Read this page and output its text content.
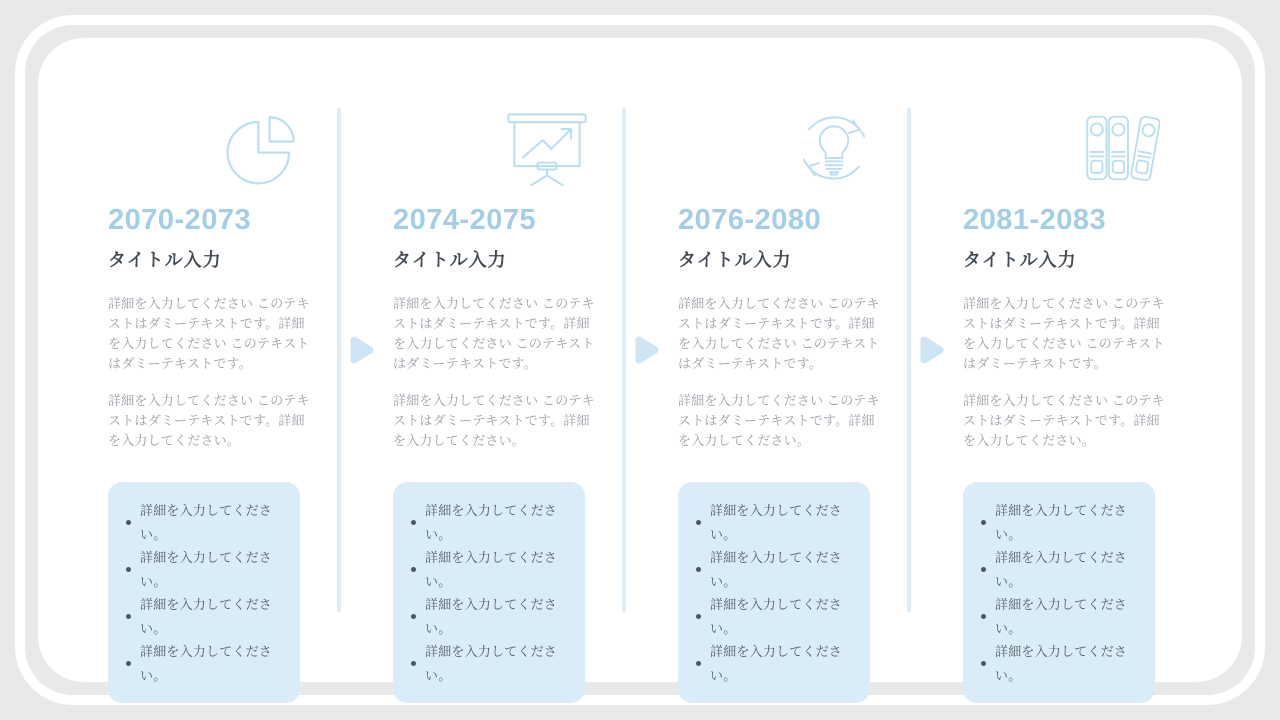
2070-2073
タイトル入力
詳細を入力してください このテキストはダミーテキストです。詳細を入力してください このテキストはダミーテキストです。
詳細を入力してください このテキストはダミーテキストです。詳細を入力してください。
詳細を入力してください。
詳細を入力してください。
詳細を入力してください。
詳細を入力してください。
2074-2075
タイトル入力
詳細を入力してください このテキストはダミーテキストです。詳細を入力してください このテキストはダミーテキストです。
詳細を入力してください このテキストはダミーテキストです。詳細を入力してください。
詳細を入力してください。
詳細を入力してください。
詳細を入力してください。
詳細を入力してください。
2076-2080
タイトル入力
詳細を入力してください このテキストはダミーテキストです。詳細を入力してください このテキストはダミーテキストです。
詳細を入力してください このテキストはダミーテキストです。詳細を入力してください。
詳細を入力してください。
詳細を入力してください。
詳細を入力してください。
詳細を入力してください。
2081-2083
タイトル入力
詳細を入力してください このテキストはダミーテキストです。詳細を入力してください このテキストはダミーテキストです。
詳細を入力してください このテキストはダミーテキストです。詳細を入力してください。
詳細を入力してください。
詳細を入力してください。
詳細を入力してください。
詳細を入力してください。
